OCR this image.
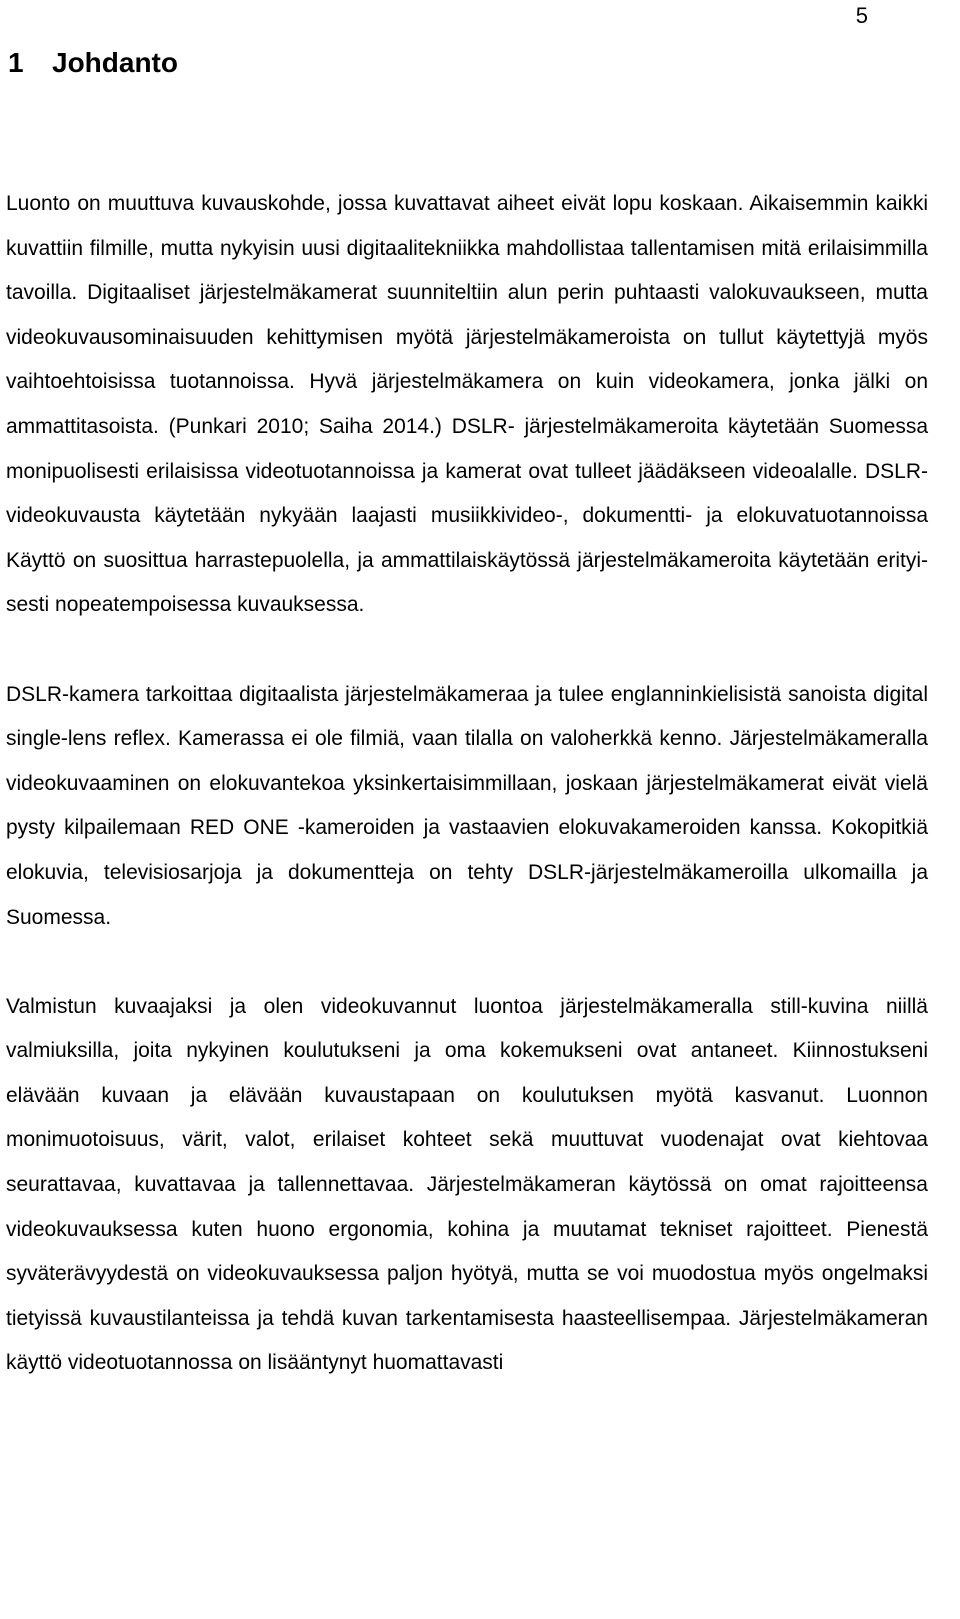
5
1 Johdanto

Luonto on muuttuva kuvauskohde, jossa kuvattavat aiheet eivät lopu koskaan. Aikaisemmin kaikki kuvattiin filmille, mutta nykyisin uusi digitaalitekniikka mahdollistaa tallentamisen mitä erilaisimmilla tavoilla. Digitaaliset järjestelmäkamerat suunniteltiin alun perin puhtaasti valokuvaukseen, mutta videokuvausominaisuuden kehittymisen myötä järjestelmäkameroista on tullut käytettyjä myös vaihtoehtoisissa tuotannoissa. Hyvä järjestelmäkamera on kuin videokamera, jonka jälki on ammattitasoista. (Punkari 2010; Saiha 2014.) DSLR- järjestelmäkameroita käytetään Suomessa monipuolisesti erilaisissa videotuotannoissa ja kamerat ovat tulleet jäädäkseen videoalalle. DSLR- videokuvausta käytetään nykyään laajasti musiikkivideo-, dokumentti- ja elokuvatuotannoissa Käyttö on suosittua harrastepuolella, ja ammattilaiskäytössä järjestelmäkameroita käytetään erityisesti nopeatempoisessa kuvauksessa.

DSLR-kamera tarkoittaa digitaalista järjestelmäkameraa ja tulee englanninkielisistä sanoista digital single-lens reflex. Kamerassa ei ole filmiä, vaan tilalla on valoherkkä kenno. Järjestelmäkameralla videokuvaaminen on elokuvantekoa yksinkertaisimmillaan, joskaan järjestelmäkamerat eivät vielä pysty kilpailemaan RED ONE -kameroiden ja vastaavien elokuvakameroiden kanssa. Kokopitkiä elokuvia, televisiosarjoja ja dokumentteja on tehty DSLR-järjestelmäkameroilla ulkomailla ja Suomessa.

Valmistun kuvaajaksi ja olen videokuvannut luontoa järjestelmäkameralla still-kuvina niillä valmiuksilla, joita nykyinen koulutukseni ja oma kokemukseni ovat antaneet. Kiinnostukseni elävään kuvaan ja elävään kuvaustapaan on koulutuksen myötä kasvanut. Luonnon monimuotoisuus, värit, valot, erilaiset kohteet sekä muuttuvat vuodenajat ovat kiehtovaa seurattavaa, kuvattavaa ja tallennettavaa. Järjestelmäkameran käytössä on omat rajoitteensa videokuvauksessa kuten huono ergonomia, kohina ja muutamat tekniset rajoitteet. Pienestä syväterävyydestä on videokuvauksessa paljon hyötyä, mutta se voi muodostua myös ongelmaksi tietyissä kuvaustilanteissa ja tehdä kuvan tarkentamisesta haasteellisempaa. Järjestelmäkameran käyttö videotuotannossa on lisääntynyt huomattavasti
